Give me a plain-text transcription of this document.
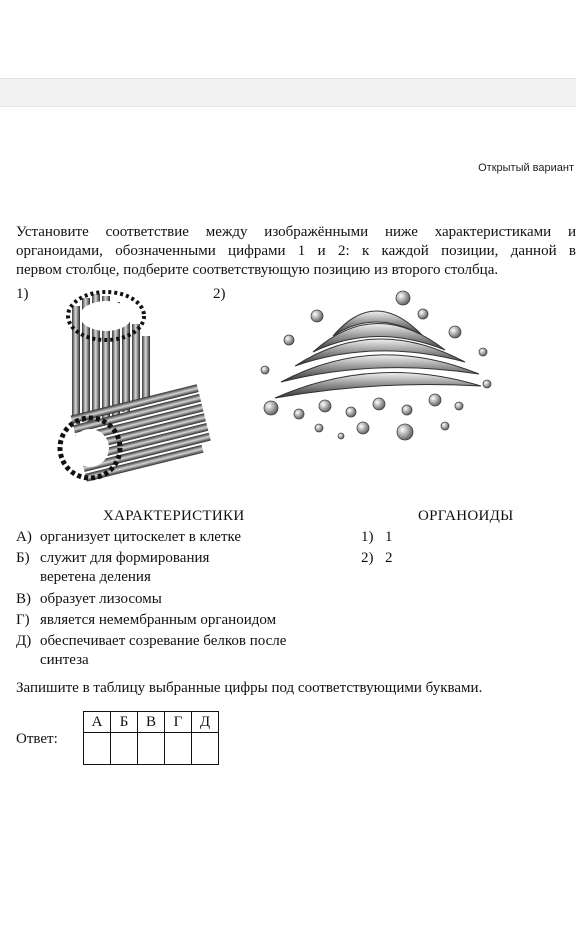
Открытый вариант
Установите соответствие между изображёнными ниже характеристиками и
органоидами, обозначенными цифрами 1 и 2: к каждой позиции, данной в
первом столбце, подберите соответствующую позицию из второго столбца.
1)	2)
ХАРАКТЕРИСТИКИ	ОРГАНОИДЫ
А) организует цитоскелет в клетке
Б) служит для формирования
веретена деления
В) образует лизосомы
Г) является немембранным органоидом
Д) обеспечивает созревание белков после
синтеза
1) 1
2) 2
Запишите в таблицу выбранные цифры под соответствующими буквами.
Ответ:
А	Б	В	Г	Д
